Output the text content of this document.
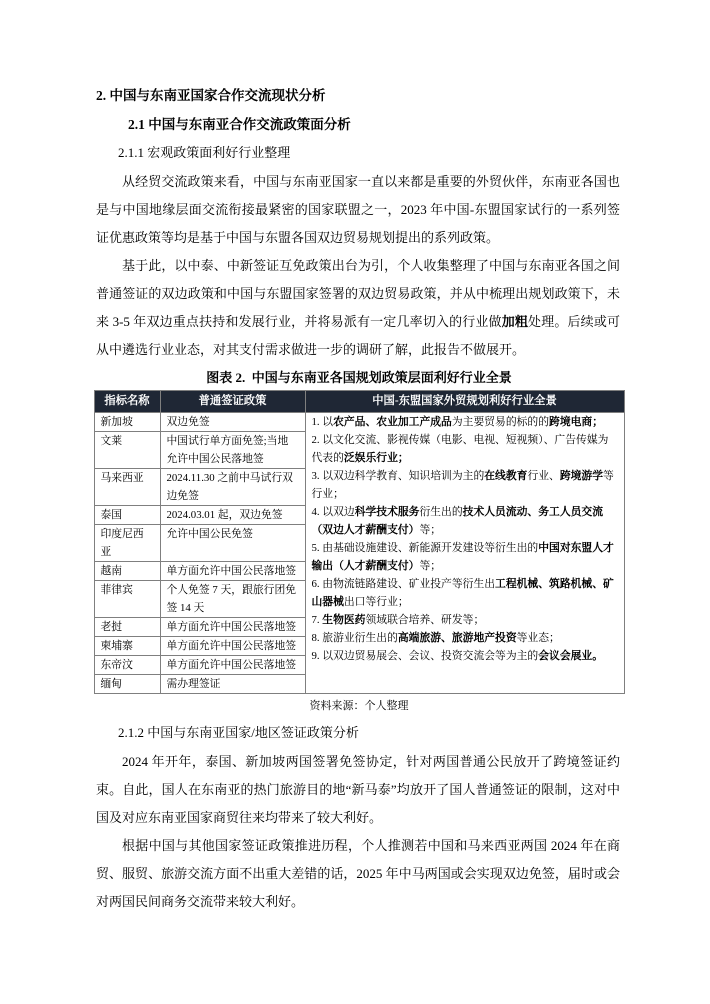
2. 中国与东南亚国家合作交流现状分析
2.1 中国与东南亚合作交流政策面分析
2.1.1 宏观政策面利好行业整理

从经贸交流政策来看，中国与东南亚国家一直以来都是重要的外贸伙伴，东南亚各国也是与中国地缘层面交流衔接最紧密的国家联盟之一，2023 年中国-东盟国家试行的一系列签证优惠政策等均是基于中国与东盟各国双边贸易规划提出的系列政策。

基于此，以中泰、中新签证互免政策出台为引，个人收集整理了中国与东南亚各国之间普通签证的双边政策和中国与东盟国家签署的双边贸易政策，并从中梳理出规划政策下，未来 3-5 年双边重点扶持和发展行业，并将易派有一定几率切入的行业做加粗处理。后续或可从中遴选行业业态，对其支付需求做进一步的调研了解，此报告不做展开。

图表 2.  中国与东南亚各国规划政策层面利好行业全景
指标名称	普通签证政策	中国-东盟国家外贸规划利好行业全景
新加坡	双边免签	1. 以农产品、农业加工产成品为主要贸易的标的的跨境电商；
2. 以文化交流、影视传媒（电影、电视、短视频）、广告传媒为代表的泛娱乐行业；
3. 以双边科学教育、知识培训为主的在线教育行业、跨境游学等行业；
4. 以双边科学技术服务衍生出的技术人员流动、务工人员交流（双边人才薪酬支付）等；
5. 由基础设施建设、新能源开发建设等衍生出的中国对东盟人才输出（人才薪酬支付）等；
6. 由物流链路建设、矿业投产等衍生出工程机械、筑路机械、矿山器械出口等行业；
7. 生物医药领域联合培养、研发等；
8. 旅游业衍生出的高端旅游、旅游地产投资等业态；
9. 以双边贸易展会、会议、投资交流会等为主的会议会展业。

文莱	中国试行单方面免签;当地允许中国公民落地签	
马来西亚	2024.11.30 之前中马试行双边免签	
泰国	2024.03.01 起，双边免签	
印度尼西亚	允许中国公民免签	
越南	单方面允许中国公民落地签	
菲律宾	个人免签 7 天，跟旅行团免签 14 天	
老挝	单方面允许中国公民落地签	
柬埔寨	单方面允许中国公民落地签	
东帝汶	单方面允许中国公民落地签	
缅甸	需办理签证	
资料来源：个人整理
2.1.2 中国与东南亚国家/地区签证政策分析

2024 年开年，泰国、新加坡两国签署免签协定，针对两国普通公民放开了跨境签证约束。自此，国人在东南亚的热门旅游目的地“新马泰”均放开了国人普通签证的限制，这对中国及对应东南亚国家商贸往来均带来了较大利好。

根据中国与其他国家签证政策推进历程，个人推测若中国和马来西亚两国 2024 年在商贸、服贸、旅游交流方面不出重大差错的话，2025 年中马两国或会实现双边免签，届时或会对两国民间商务交流带来较大利好。
